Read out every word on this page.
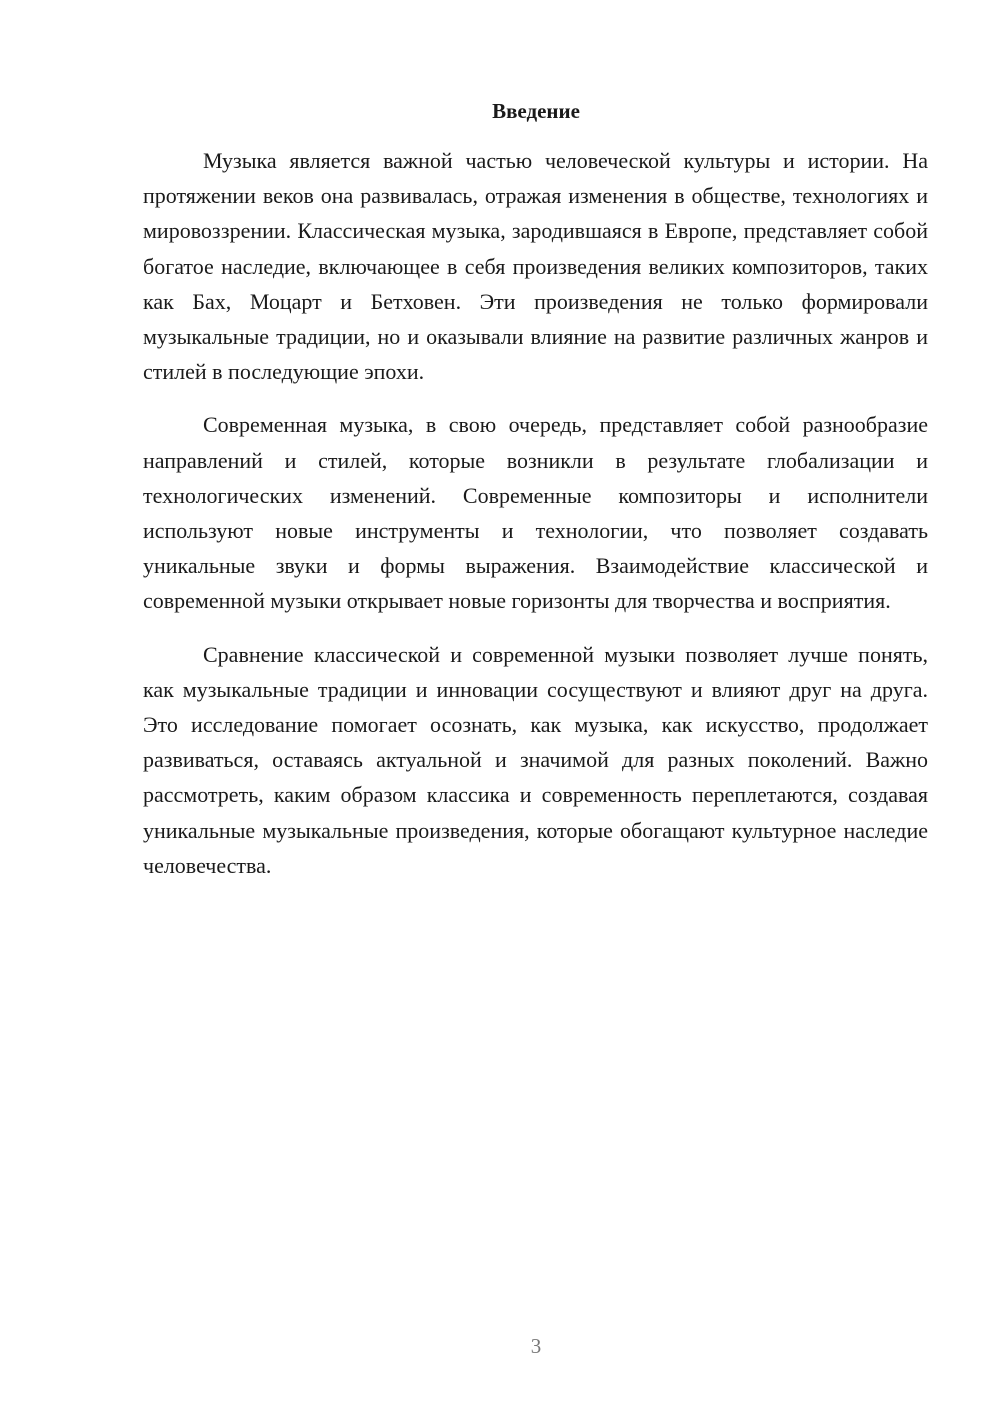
Введение

Музыка является важной частью человеческой культуры и истории. На протяжении веков она развивалась, отражая изменения в обществе, технологиях и мировоззрении. Классическая музыка, зародившаяся в Европе, представляет собой богатое наследие, включающее в себя произведения великих композиторов, таких как Бах, Моцарт и Бетховен. Эти произведения не только формировали музыкальные традиции, но и оказывали влияние на развитие различных жанров и стилей в последующие эпохи.

Современная музыка, в свою очередь, представляет собой разнообразие направлений и стилей, которые возникли в результате глобализации и технологических изменений. Современные композиторы и исполнители используют новые инструменты и технологии, что позволяет создавать уникальные звуки и формы выражения. Взаимодействие классической и современной музыки открывает новые горизонты для творчества и восприятия.

Сравнение классической и современной музыки позволяет лучше понять, как музыкальные традиции и инновации сосуществуют и влияют друг на друга. Это исследование помогает осознать, как музыка, как искусство, продолжает развиваться, оставаясь актуальной и значимой для разных поколений. Важно рассмотреть, каким образом классика и современность переплетаются, создавая уникальные музыкальные произведения, которые обогащают культурное наследие человечества.

3
